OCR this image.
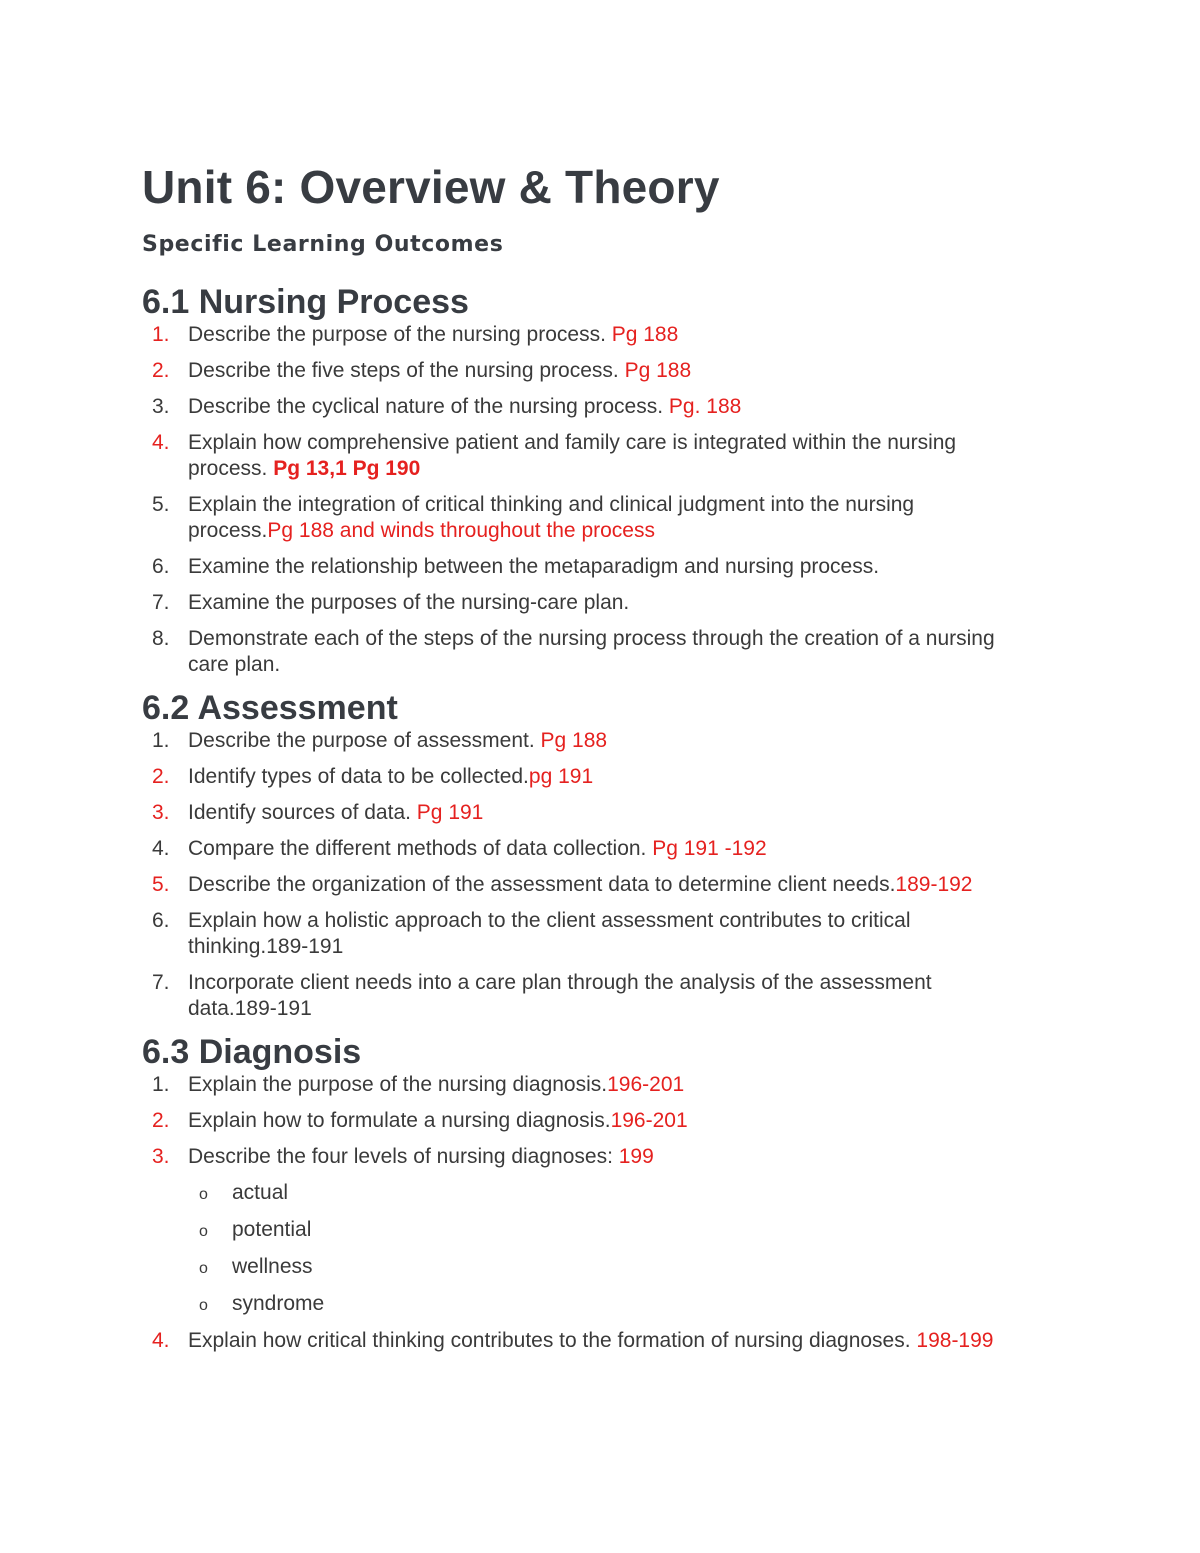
Unit 6: Overview & Theory
Specific Learning Outcomes
6.1 Nursing Process
1. Describe the purpose of the nursing process. Pg 188
2. Describe the five steps of the nursing process. Pg 188
3. Describe the cyclical nature of the nursing process. Pg. 188
4. Explain how comprehensive patient and family care is integrated within the nursing process. Pg 13,1 Pg 190
5. Explain the integration of critical thinking and clinical judgment into the nursing process.Pg 188 and winds throughout the process
6. Examine the relationship between the metaparadigm and nursing process.
7. Examine the purposes of the nursing-care plan.
8. Demonstrate each of the steps of the nursing process through the creation of a nursing care plan.
6.2 Assessment
1. Describe the purpose of assessment. Pg 188
2. Identify types of data to be collected.pg 191
3. Identify sources of data. Pg 191
4. Compare the different methods of data collection. Pg 191 -192
5. Describe the organization of the assessment data to determine client needs.189-192
6. Explain how a holistic approach to the client assessment contributes to critical thinking.189-191
7. Incorporate client needs into a care plan through the analysis of the assessment data.189-191
6.3 Diagnosis
1. Explain the purpose of the nursing diagnosis.196-201
2. Explain how to formulate a nursing diagnosis.196-201
3. Describe the four levels of nursing diagnoses: 199
o actual
o potential
o wellness
o syndrome
4. Explain how critical thinking contributes to the formation of nursing diagnoses. 198-199
